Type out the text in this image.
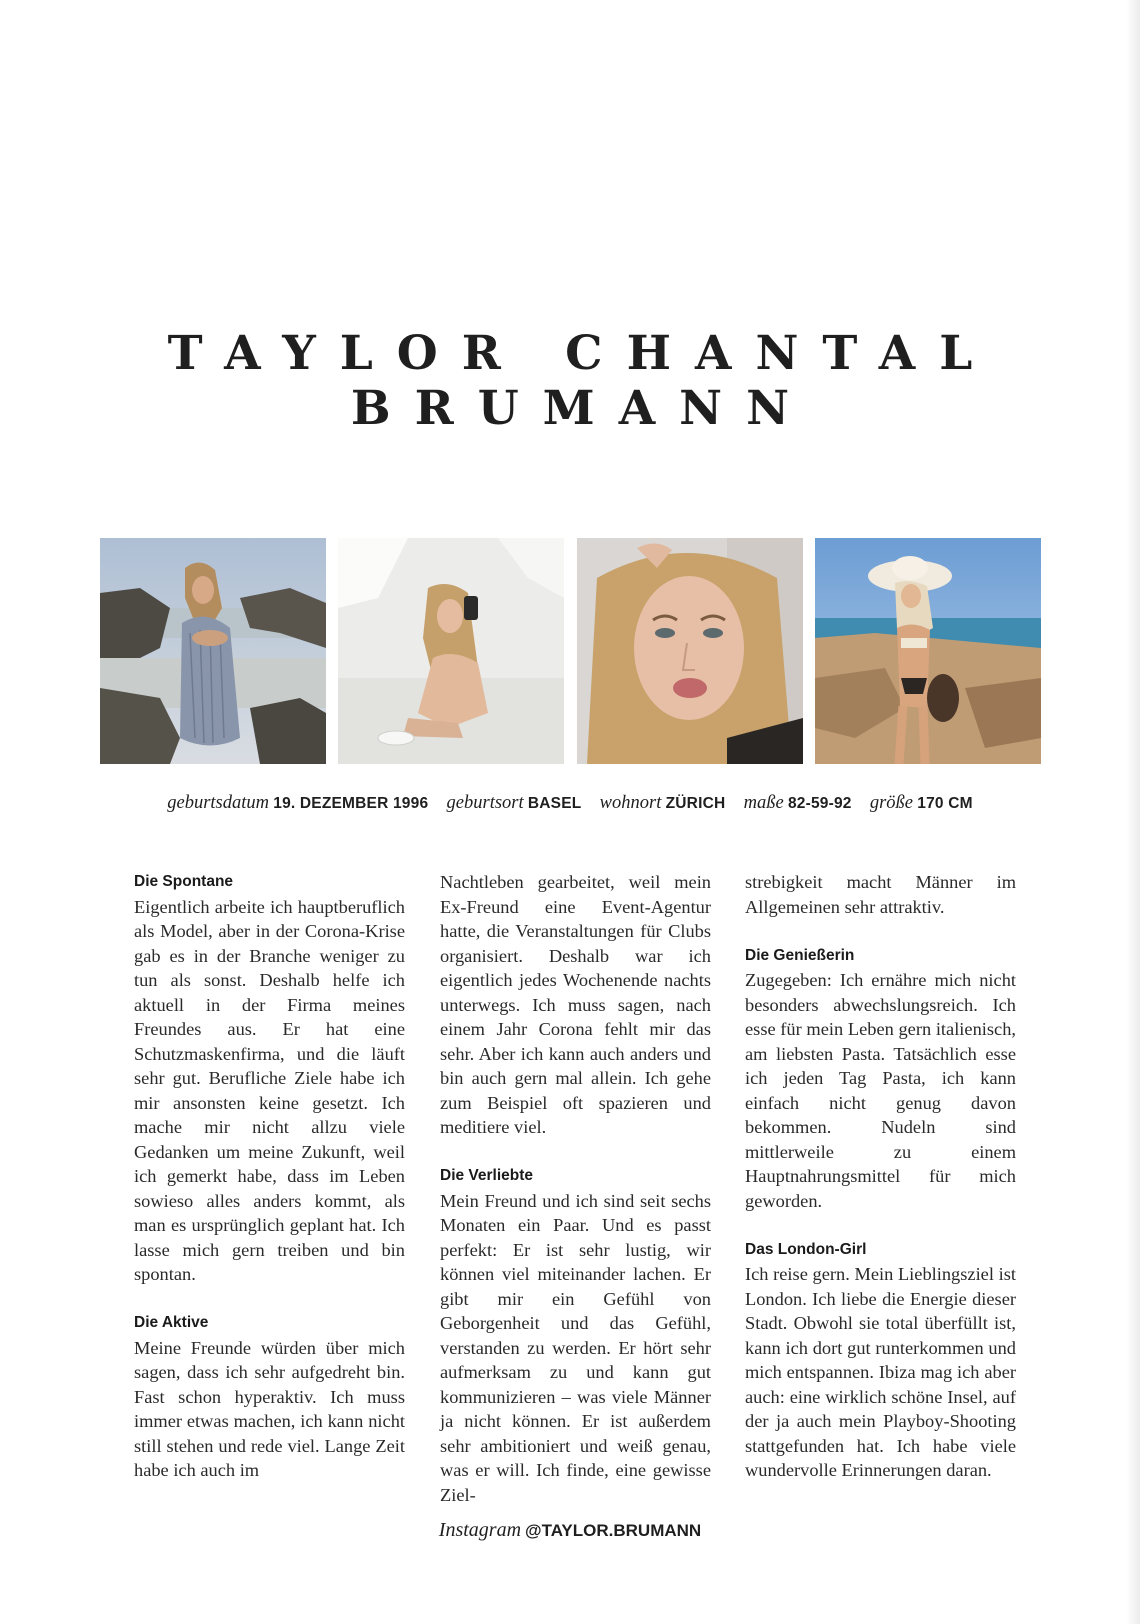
TAYLOR CHANTAL
BRUMANN
geburtsdatum 19. DEZEMBER 1996 geburtsort BASEL wohnort ZÜRICH maße 82-59-92 größe 170 CM
Die Spontane

Eigentlich arbeite ich hauptberuflich als Model, aber in der Corona-Krise gab es in der Branche weniger zu tun als sonst. Deshalb helfe ich aktuell in der Firma meines Freundes aus. Er hat eine Schutzmaskenfirma, und die läuft sehr gut. Berufliche Ziele habe ich mir ansonsten keine gesetzt. Ich mache mir nicht allzu viele Gedanken um meine Zukunft, weil ich gemerkt habe, dass im Leben sowieso alles anders kommt, als man es ursprünglich geplant hat. Ich lasse mich gern treiben und bin spontan.

Die Aktive

Meine Freunde würden über mich sagen, dass ich sehr aufgedreht bin. Fast schon hyperaktiv. Ich muss immer etwas machen, ich kann nicht still stehen und rede viel. Lange Zeit habe ich auch im

Nachtleben gearbeitet, weil mein Ex-Freund eine Event-Agentur hatte, die Veranstaltungen für Clubs organisiert. Deshalb war ich eigentlich jedes Wochenende nachts unterwegs. Ich muss sagen, nach einem Jahr Corona fehlt mir das sehr. Aber ich kann auch anders und bin auch gern mal allein. Ich gehe zum Beispiel oft spazieren und meditiere viel.

Die Verliebte

Mein Freund und ich sind seit sechs Monaten ein Paar. Und es passt perfekt: Er ist sehr lustig, wir können viel miteinander lachen. Er gibt mir ein Gefühl von Geborgenheit und das Gefühl, verstanden zu werden. Er hört sehr aufmerksam zu und kann gut kommunizieren – was viele Männer ja nicht können. Er ist außerdem sehr ambitioniert und weiß genau, was er will. Ich finde, eine gewisse Ziel-

strebigkeit macht Männer im Allgemeinen sehr attraktiv.

Die Genießerin

Zugegeben: Ich ernähre mich nicht besonders abwechslungsreich. Ich esse für mein Leben gern italienisch, am liebsten Pasta. Tatsächlich esse ich jeden Tag Pasta, ich kann einfach nicht genug davon bekommen. Nudeln sind mittlerweile zu einem Hauptnahrungsmittel für mich geworden.

Das London-Girl

Ich reise gern. Mein Lieblingsziel ist London. Ich liebe die Energie dieser Stadt. Obwohl sie total überfüllt ist, kann ich dort gut runterkommen und mich entspannen. Ibiza mag ich aber auch: eine wirklich schöne Insel, auf der ja auch mein Playboy-Shooting stattgefunden hat. Ich habe viele wundervolle Erinnerungen daran.

Instagram @TAYLOR.BRUMANN
